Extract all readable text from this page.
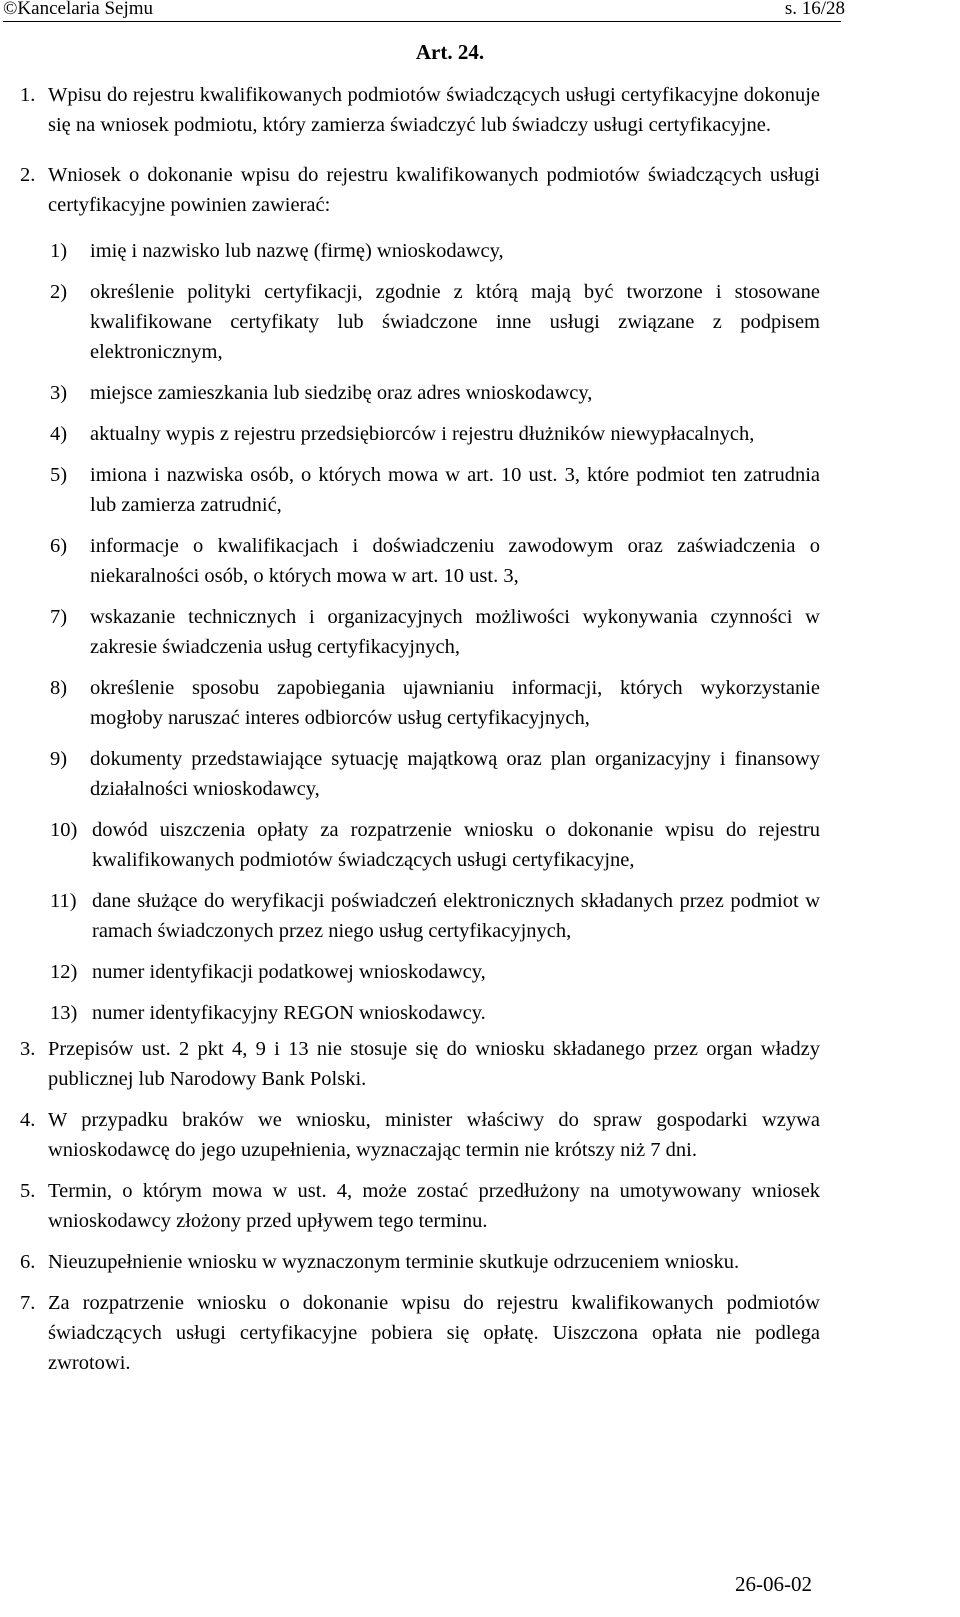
©Kancelaria Sejmu	s. 16/28
Art. 24.
1. Wpisu do rejestru kwalifikowanych podmiotów świadczących usługi certyfikacyjne dokonuje się na wniosek podmiotu, który zamierza świadczyć lub świadczy usługi certyfikacyjne.
2. Wniosek o dokonanie wpisu do rejestru kwalifikowanych podmiotów świadczących usługi certyfikacyjne powinien zawierać:
1)	imię i nazwisko lub nazwę (firmę) wnioskodawcy,
2)	określenie polityki certyfikacji, zgodnie z którą mają być tworzone i stosowane kwalifikowane certyfikaty lub świadczone inne usługi związane z podpisem elektronicznym,
3)	miejsce zamieszkania lub siedzibę oraz adres wnioskodawcy,
4)	aktualny wypis z rejestru przedsiębiorców i rejestru dłużników niewypłacalnych,
5)	imiona i nazwiska osób, o których mowa w art. 10 ust. 3, które podmiot ten zatrudnia lub zamierza zatrudnić,
6)	informacje o kwalifikacjach i doświadczeniu zawodowym oraz zaświadczenia o niekaralności osób, o których mowa w art. 10 ust. 3,
7)	wskazanie technicznych i organizacyjnych możliwości wykonywania czynności w zakresie świadczenia usług certyfikacyjnych,
8)	określenie sposobu zapobiegania ujawnianiu informacji, których wykorzystanie mogłoby naruszać interes odbiorców usług certyfikacyjnych,
9)	dokumenty przedstawiające sytuację majątkową oraz plan organizacyjny i finansowy działalności wnioskodawcy,
10) dowód uiszczenia opłaty za rozpatrzenie wniosku o dokonanie wpisu do rejestru kwalifikowanych podmiotów świadczących usługi certyfikacyjne,
11) dane służące do weryfikacji poświadczeń elektronicznych składanych przez podmiot w ramach świadczonych przez niego usług certyfikacyjnych,
12) numer identyfikacji podatkowej wnioskodawcy,
13) numer identyfikacyjny REGON wnioskodawcy.
3. Przepisów ust. 2 pkt 4, 9 i 13 nie stosuje się do wniosku składanego przez organ władzy publicznej lub Narodowy Bank Polski.
4. W przypadku braków we wniosku, minister właściwy do spraw gospodarki wzywa wnioskodawcę do jego uzupełnienia, wyznaczając termin nie krótszy niż 7 dni.
5. Termin, o którym mowa w ust. 4, może zostać przedłużony na umotywowany wniosek wnioskodawcy złożony przed upływem tego terminu.
6. Nieuzupełnienie wniosku w wyznaczonym terminie skutkuje odrzuceniem wniosku.
7. Za rozpatrzenie wniosku o dokonanie wpisu do rejestru kwalifikowanych podmiotów świadczących usługi certyfikacyjne pobiera się opłatę. Uiszczona opłata nie podlega zwrotowi.
26-06-02
